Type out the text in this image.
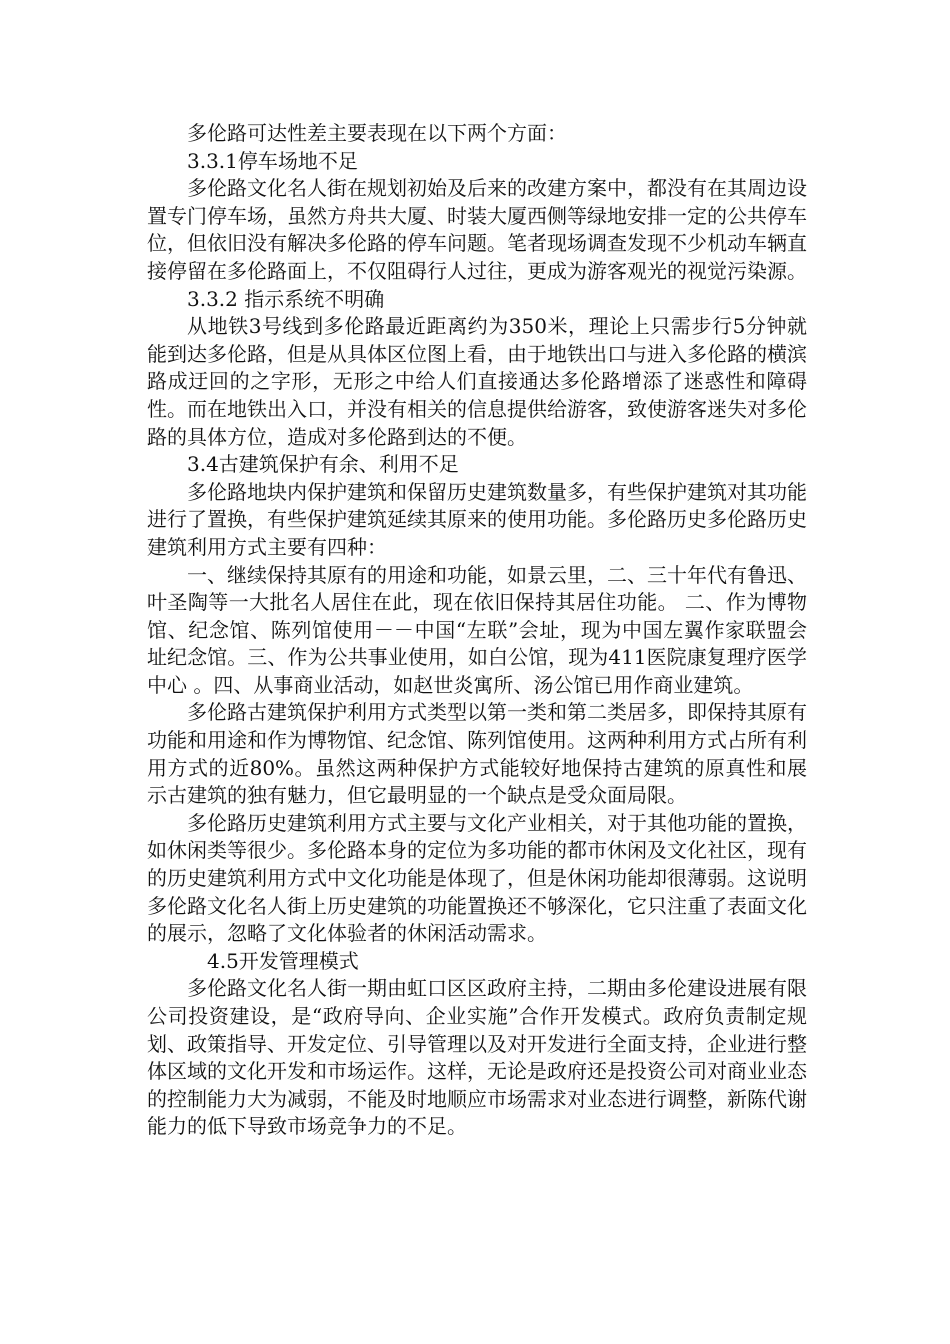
多伦路可达性差主要表现在以下两个方面：

3.3.1停车场地不足

多伦路文化名人街在规划初始及后来的改建方案中，都没有在其周边设置专门停车场，虽然方舟共大厦、时装大厦西侧等绿地安排一定的公共停车位，但依旧没有解决多伦路的停车问题。笔者现场调查发现不少机动车辆直接停留在多伦路面上，不仅阻碍行人过往，更成为游客观光的视觉污染源。

3.3.2 指示系统不明确

从地铁3号线到多伦路最近距离约为350米，理论上只需步行5分钟就能到达多伦路，但是从具体区位图上看，由于地铁出口与进入多伦路的横滨路成迂回的之字形，无形之中给人们直接通达多伦路增添了迷惑性和障碍性。而在地铁出入口，并没有相关的信息提供给游客，致使游客迷失对多伦路的具体方位，造成对多伦路到达的不便。

3.4古建筑保护有余、利用不足

多伦路地块内保护建筑和保留历史建筑数量多，有些保护建筑对其功能进行了置换，有些保护建筑延续其原来的使用功能。多伦路历史多伦路历史建筑利用方式主要有四种：

一、继续保持其原有的用途和功能，如景云里，二、三十年代有鲁迅、叶圣陶等一大批名人居住在此，现在依旧保持其居住功能。 二、作为博物馆、纪念馆、陈列馆使用－－中国“左联”会址，现为中国左翼作家联盟会址纪念馆。三、作为公共事业使用，如白公馆，现为411医院康复理疗医学中心 。四、从事商业活动，如赵世炎寓所、汤公馆已用作商业建筑。

多伦路古建筑保护利用方式类型以第一类和第二类居多，即保持其原有功能和用途和作为博物馆、纪念馆、陈列馆使用。这两种利用方式占所有利用方式的近80%。虽然这两种保护方式能较好地保持古建筑的原真性和展示古建筑的独有魅力，但它最明显的一个缺点是受众面局限。

多伦路历史建筑利用方式主要与文化产业相关，对于其他功能的置换，如休闲类等很少。多伦路本身的定位为多功能的都市休闲及文化社区，现有的历史建筑利用方式中文化功能是体现了，但是休闲功能却很薄弱。这说明多伦路文化名人街上历史建筑的功能置换还不够深化，它只注重了表面文化的展示，忽略了文化体验者的休闲活动需求。

4.5开发管理模式

多伦路文化名人街一期由虹口区区政府主持，二期由多伦建设进展有限公司投资建设，是“政府导向、企业实施”合作开发模式。政府负责制定规划、政策指导、开发定位、引导管理以及对开发进行全面支持，企业进行整体区域的文化开发和市场运作。这样，无论是政府还是投资公司对商业业态的控制能力大为减弱，不能及时地顺应市场需求对业态进行调整，新陈代谢能力的低下导致市场竞争力的不足。
